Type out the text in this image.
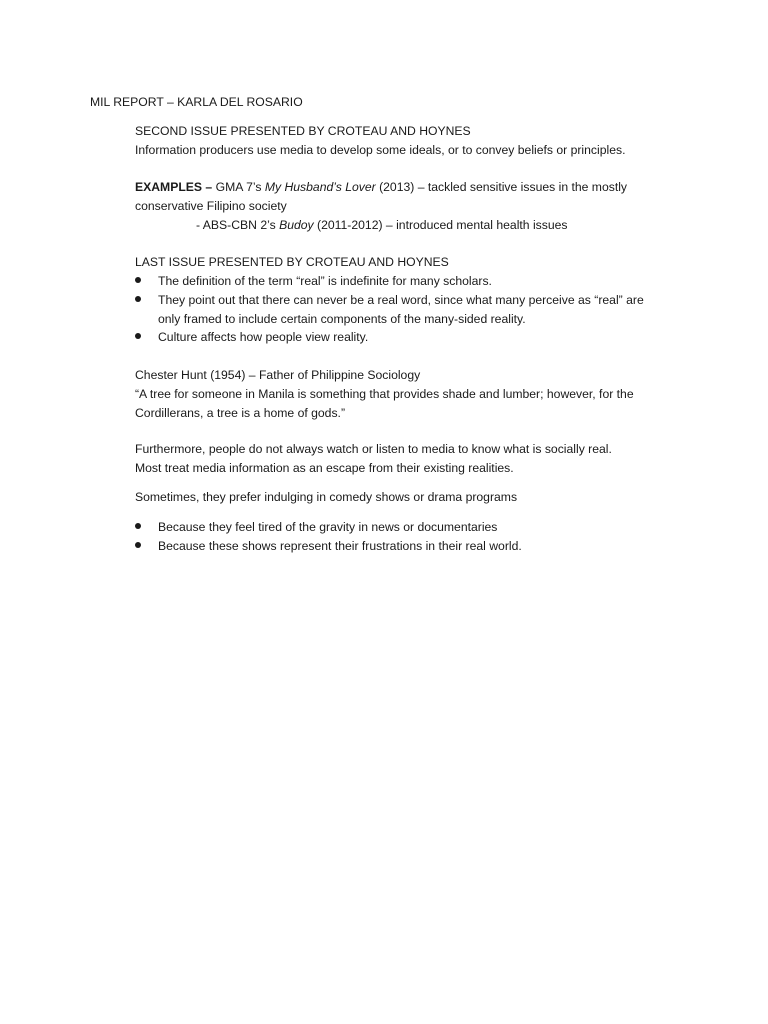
MIL REPORT – KARLA DEL ROSARIO
SECOND ISSUE PRESENTED BY CROTEAU AND HOYNES
Information producers use media to develop some ideals, or to convey beliefs or principles.
EXAMPLES – GMA 7’s My Husband’s Lover (2013) – tackled sensitive issues in the mostly
conservative Filipino society
- ABS-CBN 2’s Budoy (2011-2012) – introduced mental health issues
LAST ISSUE PRESENTED BY CROTEAU AND HOYNES
The definition of the term “real” is indefinite for many scholars.
They point out that there can never be a real word, since what many perceive as “real” are
only framed to include certain components of the many-sided reality.
Culture affects how people view reality.
Chester Hunt (1954) – Father of Philippine Sociology
“A tree for someone in Manila is something that provides shade and lumber; however, for the
Cordillerans, a tree is a home of gods.”
Furthermore, people do not always watch or listen to media to know what is socially real.
Most treat media information as an escape from their existing realities.
Sometimes, they prefer indulging in comedy shows or drama programs
Because they feel tired of the gravity in news or documentaries
Because these shows represent their frustrations in their real world.
